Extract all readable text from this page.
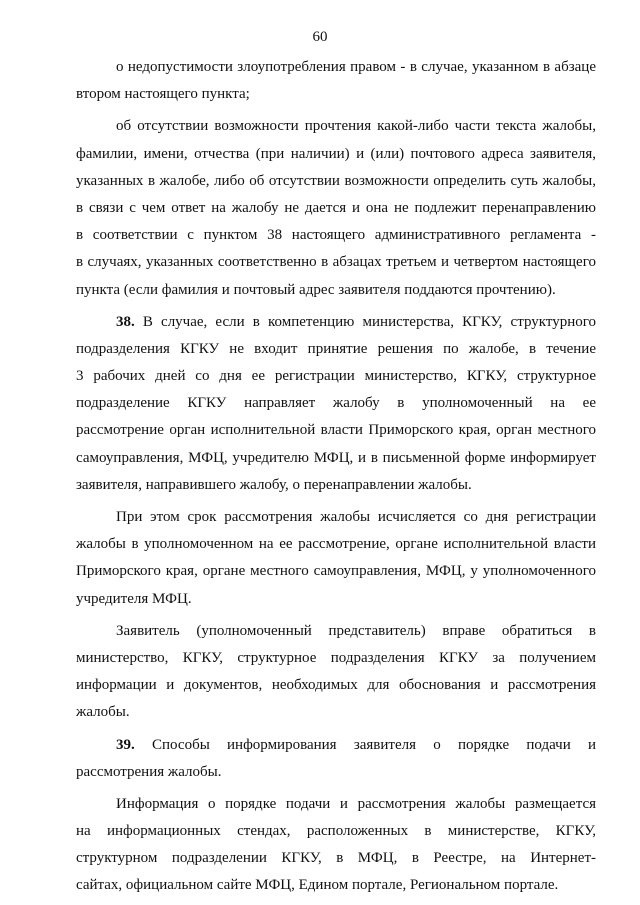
60
о недопустимости злоупотребления правом - в случае, указанном в абзаце
втором настоящего пункта;
об отсутствии возможности прочтения какой-либо части текста жалобы,
фамилии, имени, отчества (при наличии) и (или) почтового адреса заявителя,
указанных в жалобе, либо об отсутствии возможности определить суть жалобы,
в связи с чем ответ на жалобу не дается и она не подлежит перенаправлению
в соответствии с пунктом 38 настоящего административного регламента -
в случаях, указанных соответственно в абзацах третьем и четвертом настоящего
пункта (если фамилия и почтовый адрес заявителя поддаются прочтению).
38. В случае, если в компетенцию министерства, КГКУ, структурного
подразделения КГКУ не входит принятие решения по жалобе, в течение
3 рабочих дней со дня ее регистрации министерство, КГКУ, структурное
подразделение КГКУ направляет жалобу в уполномоченный на ее
рассмотрение орган исполнительной власти Приморского края, орган местного
самоуправления, МФЦ, учредителю МФЦ, и в письменной форме информирует
заявителя, направившего жалобу, о перенаправлении жалобы.
При этом срок рассмотрения жалобы исчисляется со дня регистрации
жалобы в уполномоченном на ее рассмотрение, органе исполнительной власти
Приморского края, органе местного самоуправления, МФЦ, у уполномоченного
учредителя МФЦ.
Заявитель (уполномоченный представитель) вправе обратиться в
министерство, КГКУ, структурное подразделения КГКУ за получением
информации и документов, необходимых для обоснования и рассмотрения
жалобы.
39. Способы информирования заявителя о порядке подачи и
рассмотрения жалобы.
Информация о порядке подачи и рассмотрения жалобы размещается
на информационных стендах, расположенных в министерстве, КГКУ,
структурном подразделении КГКУ, в МФЦ, в Реестре, на Интернет-
сайтах, официальном сайте МФЦ, Едином портале, Региональном портале.
